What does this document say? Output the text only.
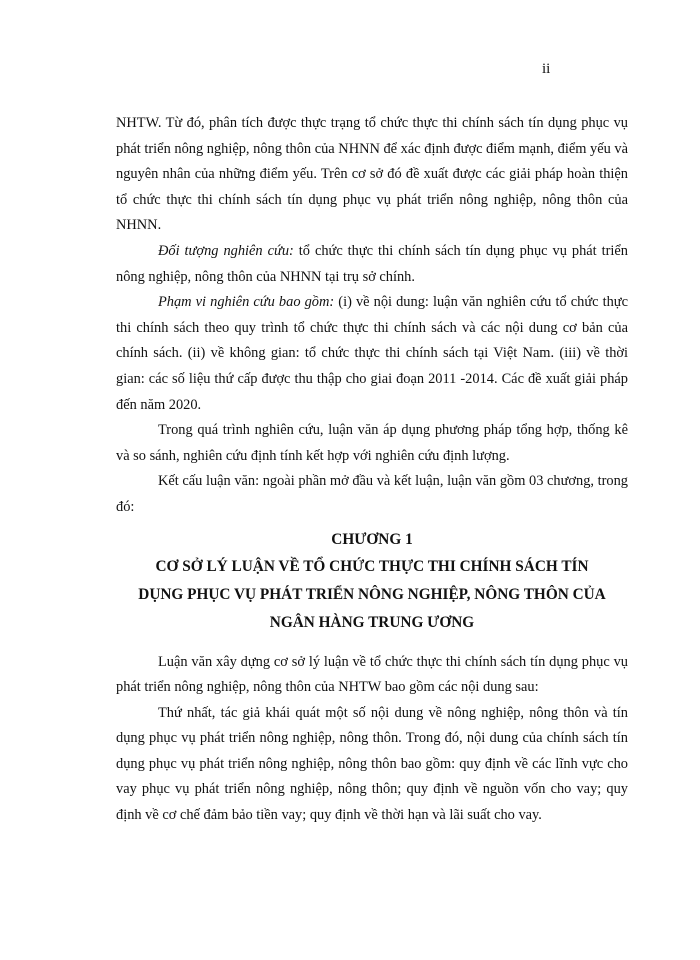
ii

NHTW. Từ đó, phân tích được thực trạng tổ chức thực thi chính sách tín dụng phục vụ phát triển nông nghiệp, nông thôn của NHNN để xác định được điểm mạnh, điểm yếu và nguyên nhân của những điểm yếu. Trên cơ sở đó đề xuất được các giải pháp hoàn thiện tổ chức thực thi chính sách tín dụng phục vụ phát triển nông nghiệp, nông thôn của NHNN.

Đối tượng nghiên cứu: tổ chức thực thi chính sách tín dụng phục vụ phát triển nông nghiệp, nông thôn của NHNN tại trụ sở chính.

Phạm vi nghiên cứu bao gồm: (i) về nội dung: luận văn nghiên cứu tổ chức thực thi chính sách theo quy trình tổ chức thực thi chính sách và các nội dung cơ bản của chính sách. (ii) về không gian: tổ chức thực thi chính sách tại Việt Nam. (iii) về thời gian: các số liệu thứ cấp được thu thập cho giai đoạn 2011 -2014. Các đề xuất giải pháp đến năm 2020.

Trong quá trình nghiên cứu, luận văn áp dụng phương pháp tổng hợp, thống kê và so sánh, nghiên cứu định tính kết hợp với nghiên cứu định lượng.

Kết cấu luận văn: ngoài phần mở đầu và kết luận, luận văn gồm 03 chương, trong đó:

CHƯƠNG 1
CƠ SỞ LÝ LUẬN VỀ TỔ CHỨC THỰC THI CHÍNH SÁCH TÍN
DỤNG PHỤC VỤ PHÁT TRIỂN NÔNG NGHIỆP, NÔNG THÔN CỦA
NGÂN HÀNG TRUNG ƯƠNG

Luận văn xây dựng cơ sở lý luận về tổ chức thực thi chính sách tín dụng phục vụ phát triển nông nghiệp, nông thôn của NHTW bao gồm các nội dung sau:

Thứ nhất, tác giả khái quát một số nội dung về nông nghiệp, nông thôn và tín dụng phục vụ phát triển nông nghiệp, nông thôn. Trong đó, nội dung của chính sách tín dụng phục vụ phát triển nông nghiệp, nông thôn bao gồm: quy định về các lĩnh vực cho vay phục vụ phát triển nông nghiệp, nông thôn; quy định về nguồn vốn cho vay; quy định về cơ chế đảm bảo tiền vay; quy định về thời hạn và lãi suất cho vay.
